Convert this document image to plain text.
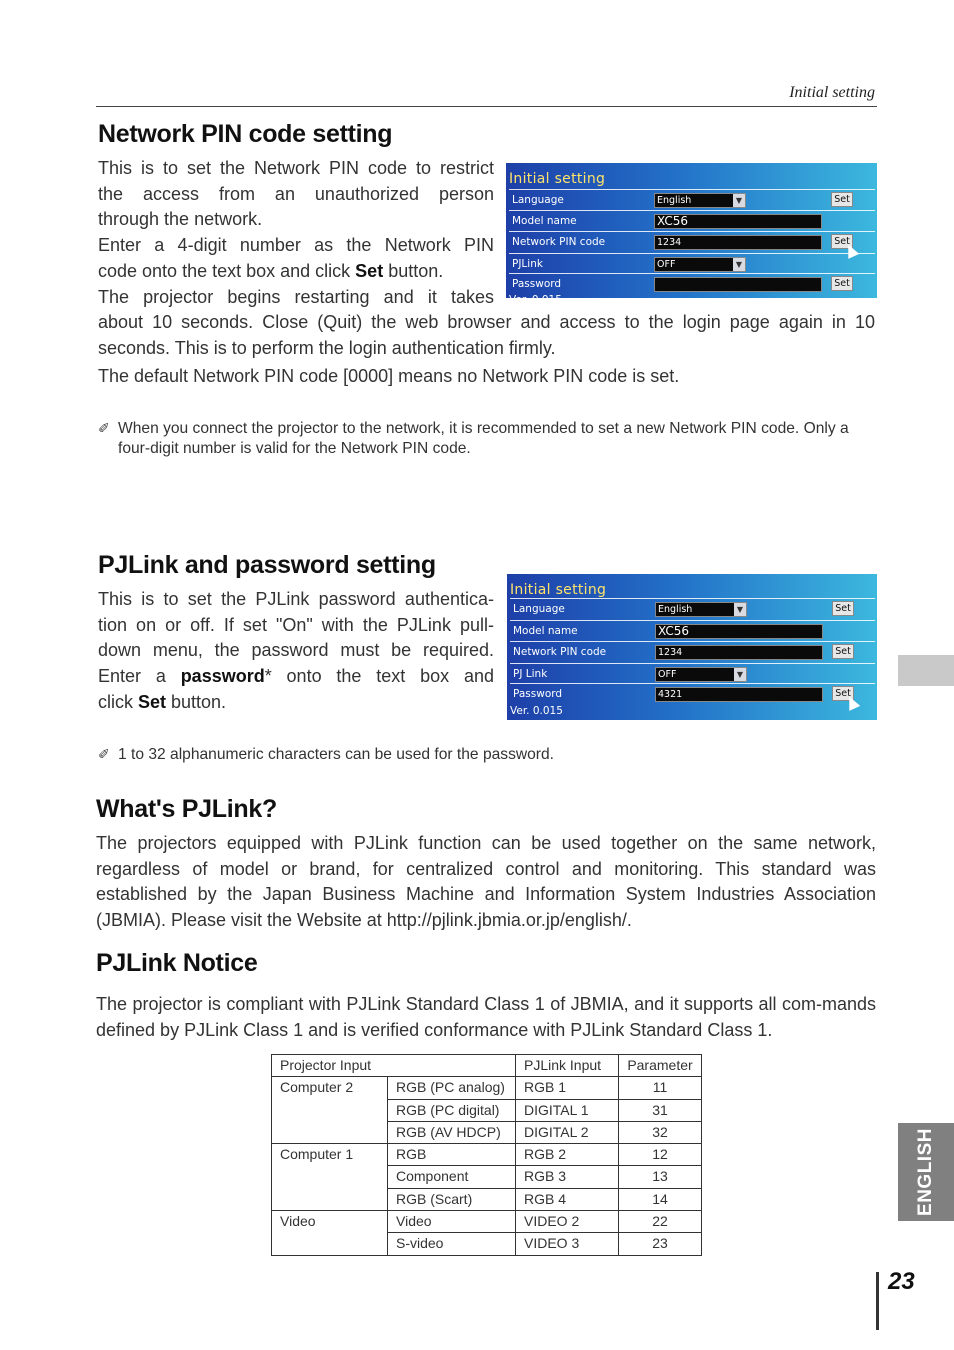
Initial setting
Network PIN code setting
This is to set the Network PIN code to restrict
the access from an unauthorized person
through the network.
Enter a 4-digit number as the Network PIN
code onto the text box and click Set button.
The projector begins restarting and it takes

about 10 seconds. Close (Quit) the web browser and access to the login page again in 10 seconds. This is to perform the login authentication firmly.

The default Network PIN code [0000] means no Network PIN code is set.

✐ When you connect the projector to the network, it is recommended to set a new Network PIN code. Only a four-digit number is valid for the Network PIN code.
Initial setting
Language	English	▼	Set
Model name	XC56
Network PIN code	1234	Set
PJLink	OFF	▼
Password	Set
Ver. 0.015
PJLink and password setting
This is to set the PJLink password authentica-
tion on or off. If set "On" with the PJLink pull-
down menu, the password must be required.
Enter a password* onto the text box and
click Set button.
✐ 1 to 32 alphanumeric characters can be used for the password.
Initial setting
Language	English	▼	Set
Model name	XC56
Network PIN code	1234	Set
PJ Link	OFF	▼
Password	4321	Set
Ver. 0.015
What's PJLink?

The projectors equipped with PJLink function can be used together on the same network, regardless of model or brand, for centralized control and monitoring. This standard was established by the Japan Business Machine and Information System Industries Association (JBMIA). Please visit the Website at http://pjlink.jbmia.or.jp/english/.

PJLink Notice

The projector is compliant with PJLink Standard Class 1 of JBMIA, and it supports all com-mands defined by PJLink Class 1 and is verified conformance with PJLink Standard Class 1.

Projector Input		PJLink Input	Parameter
Computer 2	RGB (PC analog)	RGB 1	11
	RGB (PC digital)	DIGITAL 1	31
	RGB (AV HDCP)	DIGITAL 2	32
Computer 1	RGB	RGB 2	12
	Component	RGB 3	13
	RGB (Scart)	RGB 4	14
Video	Video	VIDEO 2	22
	S-video	VIDEO 3	23
ENGLISH
23
